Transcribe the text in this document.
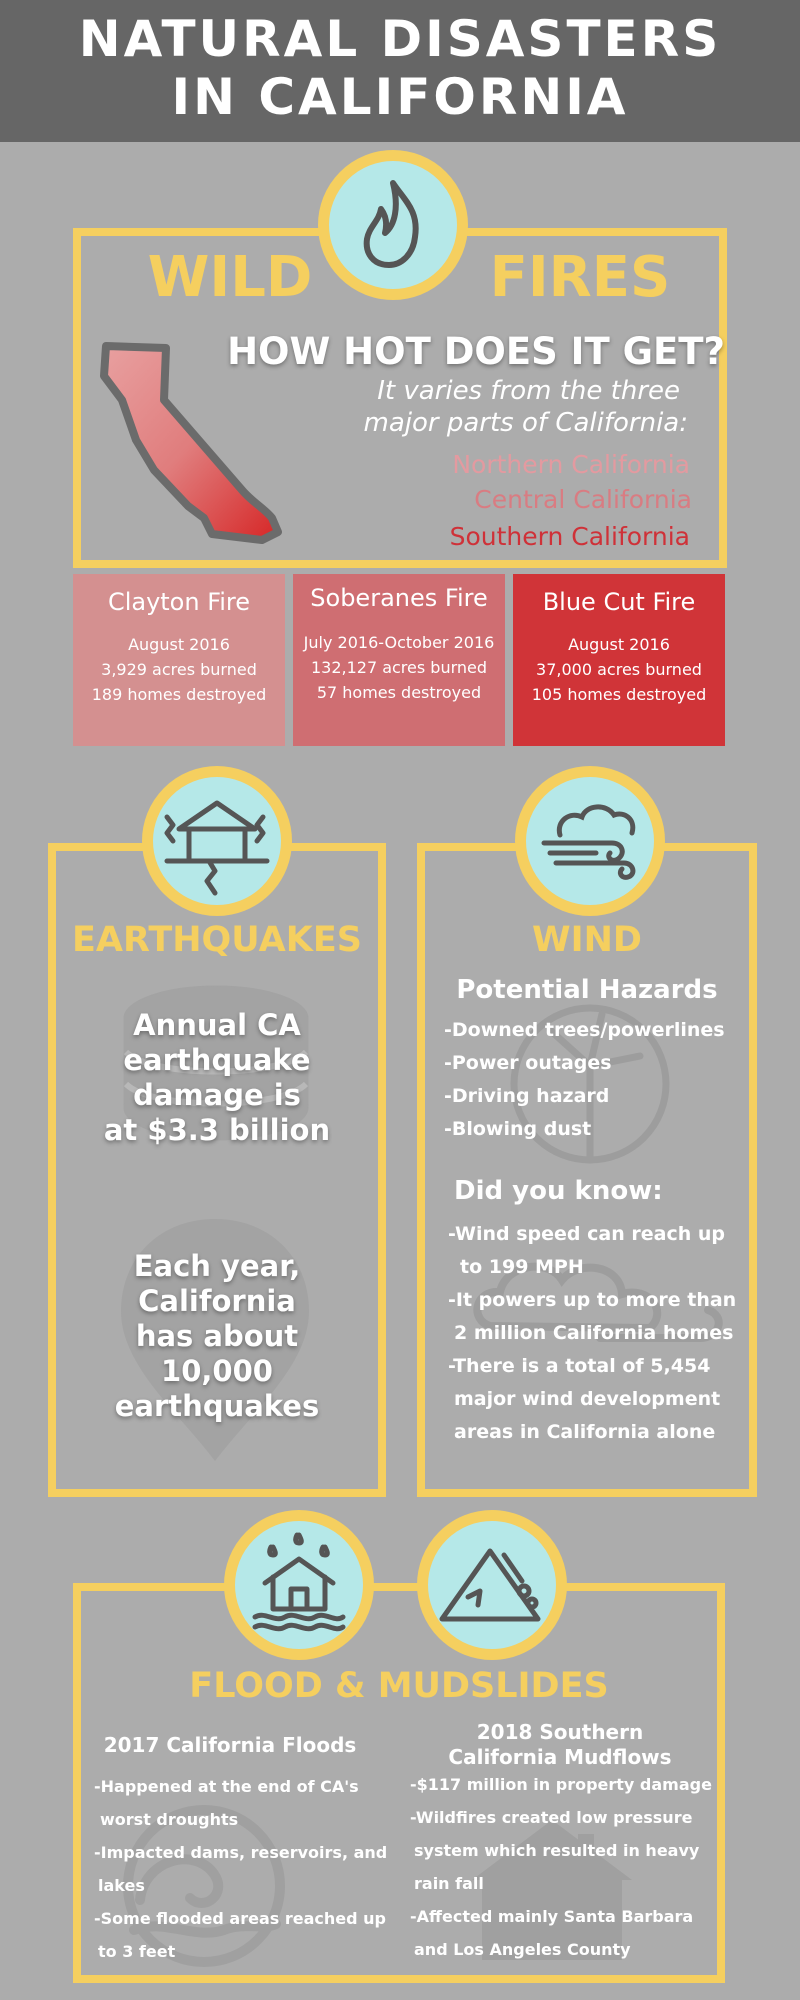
NATURAL DISASTERS
IN CALIFORNIA
WILD	FIRES
HOW HOT DOES IT GET?
It varies from the three
major parts of California:
Northern California
Central California
Southern California
Clayton Fire
August 2016
3,929 acres burned
189 homes destroyed
Soberanes Fire
July 2016-October 2016
132,127 acres burned
57 homes destroyed
Blue Cut Fire
August 2016
37,000 acres burned
105 homes destroyed
EARTHQUAKES
Annual CA
earthquake
damage is
at $3.3 billion
Each year,
California
has about
10,000
earthquakes
WIND
Potential Hazards
-Downed trees/powerlines
-Power outages
-Driving hazard
-Blowing dust
Did you know:
-Wind speed can reach up
to 199 MPH
-It powers up to more than
2 million California homes
-There is a total of 5,454
major wind development
areas in California alone
FLOOD & MUDSLIDES
2017 California Floods
-Happened at the end of CA's
worst droughts
-Impacted dams, reservoirs, and
lakes
-Some flooded areas reached up
to 3 feet
2018 Southern
California Mudflows
-$117 million in property damage
-Wildfires created low pressure
system which resulted in heavy
rain fall
-Affected mainly Santa Barbara
and Los Angeles County
